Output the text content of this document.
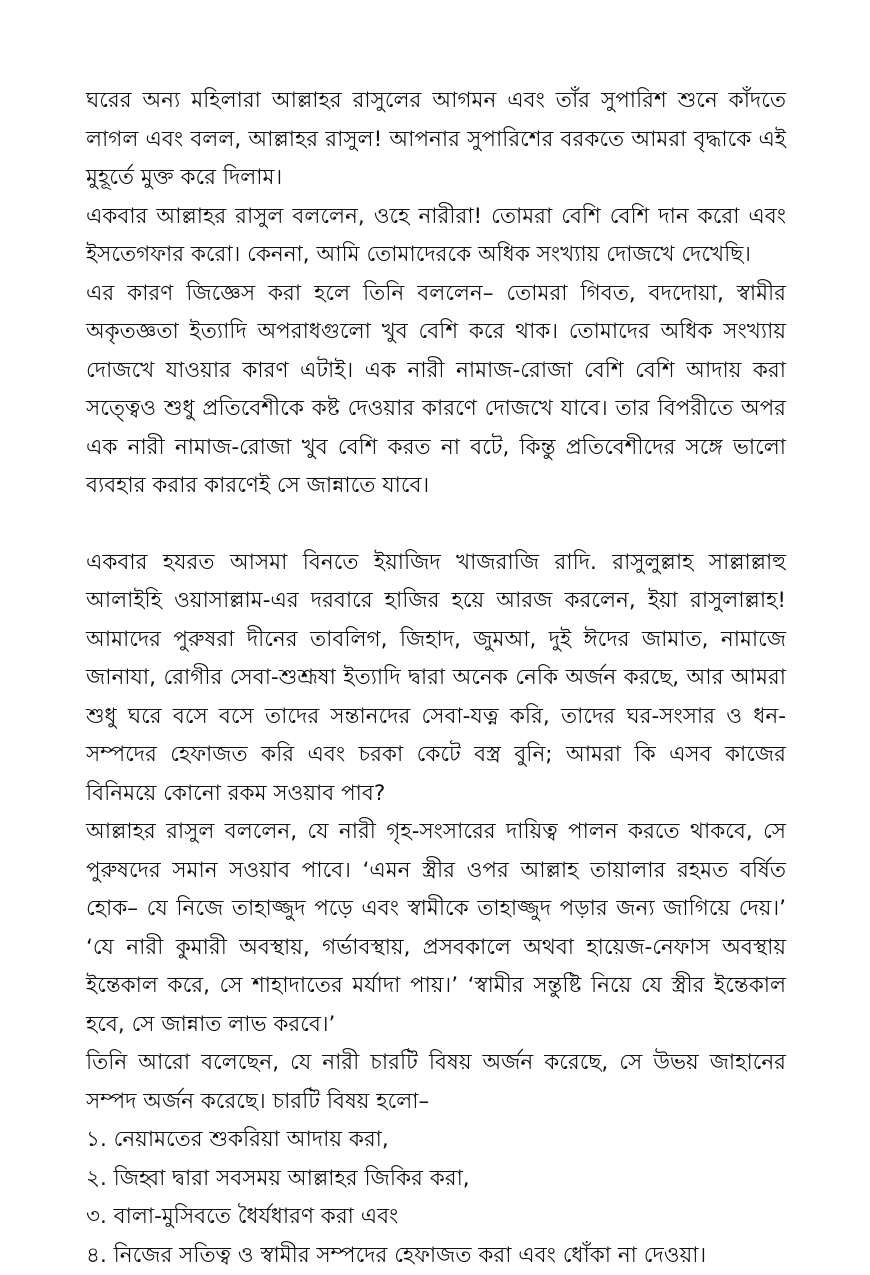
ঘরের অন্য মহিলারা আল্লাহর রাসুলের আগমন এবং তাঁর সুপারিশ শুনে কাঁদতে লাগল এবং বলল, আল্লাহর রাসুল! আপনার সুপারিশের বরকতে আমরা বৃদ্ধাকে এই মুহূর্তে মুক্ত করে দিলাম।

একবার আল্লাহর রাসুল বললেন, ওহে নারীরা! তোমরা বেশি বেশি দান করো এবং ইসতেগফার করো। কেননা, আমি তোমাদেরকে অধিক সংখ্যায় দোজখে দেখেছি।

এর কারণ জিজ্ঞেস করা হলে তিনি বললেন– তোমরা গিবত, বদদোয়া, স্বামীর অকৃতজ্ঞতা ইত্যাদি অপরাধগুলো খুব বেশি করে থাক। তোমাদের অধিক সংখ্যায় দোজখে যাওয়ার কারণ এটাই। এক নারী নামাজ-রোজা বেশি বেশি আদায় করা সত্ত্বেও শুধু প্রতিবেশীকে কষ্ট দেওয়ার কারণে দোজখে যাবে। তার বিপরীতে অপর এক নারী নামাজ-রোজা খুব বেশি করত না বটে, কিন্তু প্রতিবেশীদের সঙ্গে ভালো ব্যবহার করার কারণেই সে জান্নাতে যাবে।

একবার হযরত আসমা বিনতে ইয়াজিদ খাজরাজি রাদি. রাসুলুল্লাহ সাল্লাল্লাহু আলাইহি ওয়াসাল্লাম-এর দরবারে হাজির হয়ে আরজ করলেন, ইয়া রাসুলাল্লাহ! আমাদের পুরুষরা দীনের তাবলিগ, জিহাদ, জুমআ, দুই ঈদের জামাত, নামাজে জানাযা, রোগীর সেবা-শুশ্রূষা ইত্যাদি দ্বারা অনেক নেকি অর্জন করছে, আর আমরা শুধু ঘরে বসে বসে তাদের সন্তানদের সেবা-যত্ন করি, তাদের ঘর-সংসার ও ধন-সম্পদের হেফাজত করি এবং চরকা কেটে বস্ত্র বুনি; আমরা কি এসব কাজের বিনিময়ে কোনো রকম সওয়াব পাব?

আল্লাহর রাসুল বললেন, যে নারী গৃহ-সংসারের দায়িত্ব পালন করতে থাকবে, সে পুরুষদের সমান সওয়াব পাবে। ‘এমন স্ত্রীর ওপর আল্লাহ তায়ালার রহমত বর্ষিত হোক– যে নিজে তাহাজ্জুদ পড়ে এবং স্বামীকে তাহাজ্জুদ পড়ার জন্য জাগিয়ে দেয়।’ ‘যে নারী কুমারী অবস্থায়, গর্ভাবস্থায়, প্রসবকালে অথবা হায়েজ-নেফাস অবস্থায় ইন্তেকাল করে, সে শাহাদাতের মর্যাদা পায়।’ ‘স্বামীর সন্তুষ্টি নিয়ে যে স্ত্রীর ইন্তেকাল হবে, সে জান্নাত লাভ করবে।’

তিনি আরো বলেছেন, যে নারী চারটি বিষয় অর্জন করেছে, সে উভয় জাহানের সম্পদ অর্জন করেছে। চারটি বিষয় হলো–

১. নেয়ামতের শুকরিয়া আদায় করা,
২. জিহ্বা দ্বারা সবসময় আল্লাহর জিকির করা,
৩. বালা-মুসিবতে ধৈর্যধারণ করা এবং
৪. নিজের সতিত্ব ও স্বামীর সম্পদের হেফাজত করা এবং ধোঁকা না দেওয়া।
